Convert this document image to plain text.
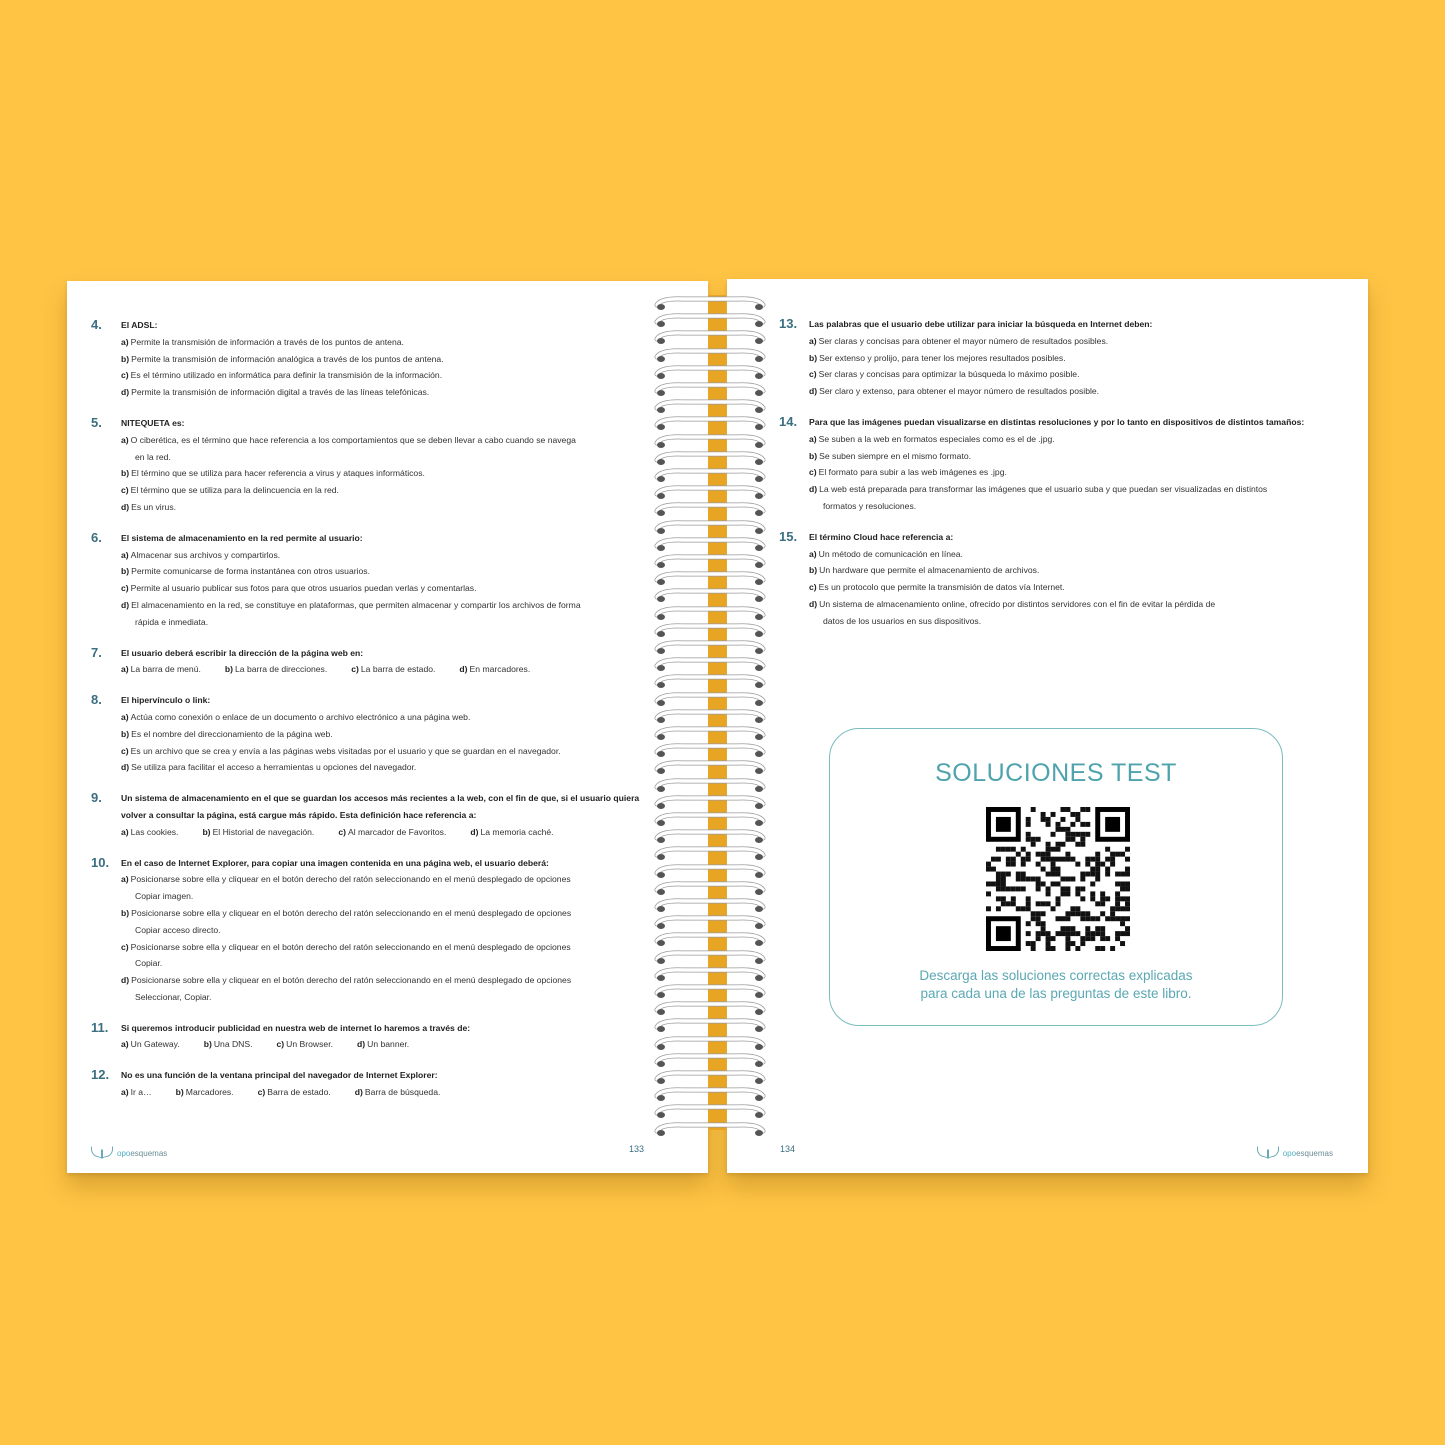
4.	El ADSL:
a) Permite la transmisión de información a través de los puntos de antena.
b) Permite la transmisión de información analógica a través de los puntos de antena.
c) Es el término utilizado en informática para definir la transmisión de la información.
d) Permite la transmisión de información digital a través de las líneas telefónicas.
5.	NITEQUETA es:
a) O ciberética, es el término que hace referencia a los comportamientos que se deben llevar a cabo cuando se navega
en la red.
b) El término que se utiliza para hacer referencia a virus y ataques informáticos.
c) El término que se utiliza para la delincuencia en la red.
d) Es un virus.
6.	El sistema de almacenamiento en la red permite al usuario:
a) Almacenar sus archivos y compartirlos.
b) Permite comunicarse de forma instantánea con otros usuarios.
c) Permite al usuario publicar sus fotos para que otros usuarios puedan verlas y comentarlas.
d) El almacenamiento en la red, se constituye en plataformas, que permiten almacenar y compartir los archivos de forma
rápida e inmediata.
7.	El usuario deberá escribir la dirección de la página web en:
a) La barra de menú.	b) La barra de direcciones.	c) La barra de estado.	d) En marcadores.
8.	El hipervínculo o link:
a) Actúa como conexión o enlace de un documento o archivo electrónico a una página web.
b) Es el nombre del direccionamiento de la página web.
c) Es un archivo que se crea y envía a las páginas webs visitadas por el usuario y que se guardan en el navegador.
d) Se utiliza para facilitar el acceso a herramientas u opciones del navegador.
9.	Un sistema de almacenamiento en el que se guardan los accesos más recientes a la web, con el fin de que, si el usuario quiera volver a consultar la página, está cargue más rápido. Esta definición hace referencia a:
a) Las cookies.	b) El Historial de navegación.	c) Al marcador de Favoritos.	d) La memoria caché.
10.	En el caso de Internet Explorer, para copiar una imagen contenida en una página web, el usuario deberá:
a) Posicionarse sobre ella y cliquear en el botón derecho del ratón seleccionando en el menú desplegado de opciones
Copiar imagen.
b) Posicionarse sobre ella y cliquear en el botón derecho del ratón seleccionando en el menú desplegado de opciones
Copiar acceso directo.
c) Posicionarse sobre ella y cliquear en el botón derecho del ratón seleccionando en el menú desplegado de opciones
Copiar.
d) Posicionarse sobre ella y cliquear en el botón derecho del ratón seleccionando en el menú desplegado de opciones
Seleccionar, Copiar.
11.	Si queremos introducir publicidad en nuestra web de internet lo haremos a través de:
a) Un Gateway.	b) Una DNS.	c) Un Browser.	d) Un banner.
12.	No es una función de la ventana principal del navegador de Internet Explorer:
a) Ir a…	b) Marcadores.	c) Barra de estado.	d) Barra de búsqueda.
opoesquemas	133
13.	Las palabras que el usuario debe utilizar para iniciar la búsqueda en Internet deben:
a) Ser claras y concisas para obtener el mayor número de resultados posibles.
b) Ser extenso y prolijo, para tener los mejores resultados posibles.
c) Ser claras y concisas para optimizar la búsqueda lo máximo posible.
d) Ser claro y extenso, para obtener el mayor número de resultados posible.
14.	Para que las imágenes puedan visualizarse en distintas resoluciones y por lo tanto en dispositivos de distintos tamaños:
a) Se suben a la web en formatos especiales como es el de .jpg.
b) Se suben siempre en el mismo formato.
c) El formato para subir a las web imágenes es .jpg.
d) La web está preparada para transformar las imágenes que el usuario suba y que puedan ser visualizadas en distintos
formatos y resoluciones.
15.	El término Cloud hace referencia a:
a) Un método de comunicación en línea.
b) Un hardware que permite el almacenamiento de archivos.
c) Es un protocolo que permite la transmisión de datos vía Internet.
d) Un sistema de almacenamiento online, ofrecido por distintos servidores con el fin de evitar la pérdida de
datos de los usuarios en sus dispositivos.
SOLUCIONES TEST
Descarga las soluciones correctas explicadas
para cada una de las preguntas de este libro.
134	opoesquemas
